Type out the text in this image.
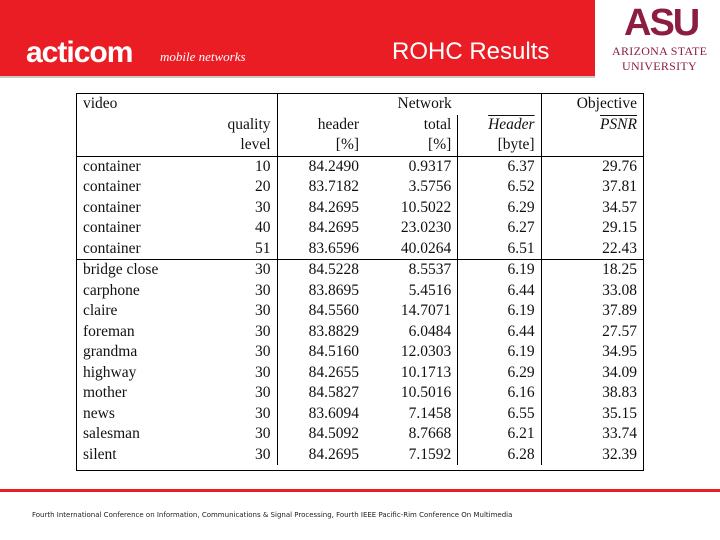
acticom mobile networks	ROHC Results
ASU
ARIZONA STATE
UNIVERSITY
video			Network		Objective
	quality	header	total	Header	PSNR
	level	[%]	[%]	[byte]	
container	10	84.2490	0.9317	6.37	29.76
container	20	83.7182	3.5756	6.52	37.81
container	30	84.2695	10.5022	6.29	34.57
container	40	84.2695	23.0230	6.27	29.15
container	51	83.6596	40.0264	6.51	22.43
bridge close	30	84.5228	8.5537	6.19	18.25
carphone	30	83.8695	5.4516	6.44	33.08
claire	30	84.5560	14.7071	6.19	37.89
foreman	30	83.8829	6.0484	6.44	27.57
grandma	30	84.5160	12.0303	6.19	34.95
highway	30	84.2655	10.1713	6.29	34.09
mother	30	84.5827	10.5016	6.16	38.83
news	30	83.6094	7.1458	6.55	35.15
salesman	30	84.5092	8.7668	6.21	33.74
silent	30	84.2695	7.1592	6.28	32.39
Fourth International Conference on Information, Communications & Signal Processing, Fourth IEEE Pacific-Rim Conference On Multimedia
